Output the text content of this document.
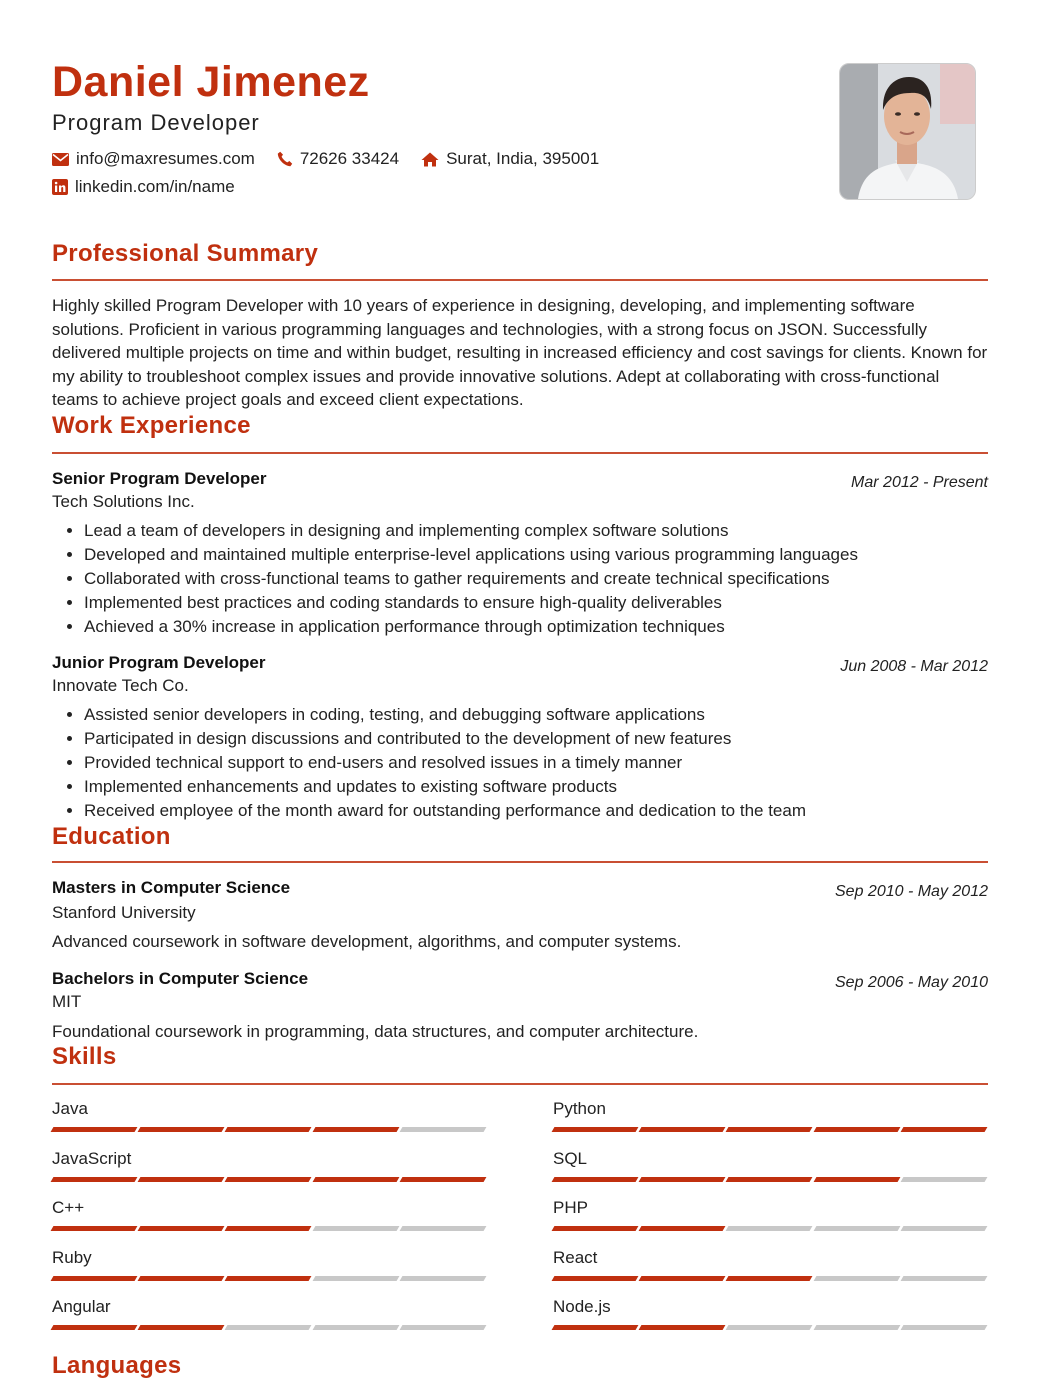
Daniel Jimenez
Program Developer
info@maxresumes.com	72626 33424	Surat, India, 395001
linkedin.com/in/name
Professional Summary

Highly skilled Program Developer with 10 years of experience in designing, developing, and implementing software solutions. Proficient in various programming languages and technologies, with a strong focus on JSON. Successfully delivered multiple projects on time and within budget, resulting in increased efficiency and cost savings for clients. Known for my ability to troubleshoot complex issues and provide innovative solutions. Adept at collaborating with cross-functional teams to achieve project goals and exceed client expectations.

Work Experience
Senior Program Developer
Tech Solutions Inc.
Mar 2012 - Present
• Lead a team of developers in designing and implementing complex software solutions
• Developed and maintained multiple enterprise-level applications using various programming languages
• Collaborated with cross-functional teams to gather requirements and create technical specifications
• Implemented best practices and coding standards to ensure high-quality deliverables
• Achieved a 30% increase in application performance through optimization techniques
Junior Program Developer
Innovate Tech Co.
Jun 2008 - Mar 2012
• Assisted senior developers in coding, testing, and debugging software applications
• Participated in design discussions and contributed to the development of new features
• Provided technical support to end-users and resolved issues in a timely manner
• Implemented enhancements and updates to existing software products
• Received employee of the month award for outstanding performance and dedication to the team
Education
Masters in Computer Science
Stanford University
Sep 2010 - May 2012
Advanced coursework in software development, algorithms, and computer systems.
Bachelors in Computer Science
MIT
Sep 2006 - May 2010
Foundational coursework in programming, data structures, and computer architecture.
Skills
Java	Python
JavaScript	SQL
C++	PHP
Ruby	React
Angular	Node.js
Languages
